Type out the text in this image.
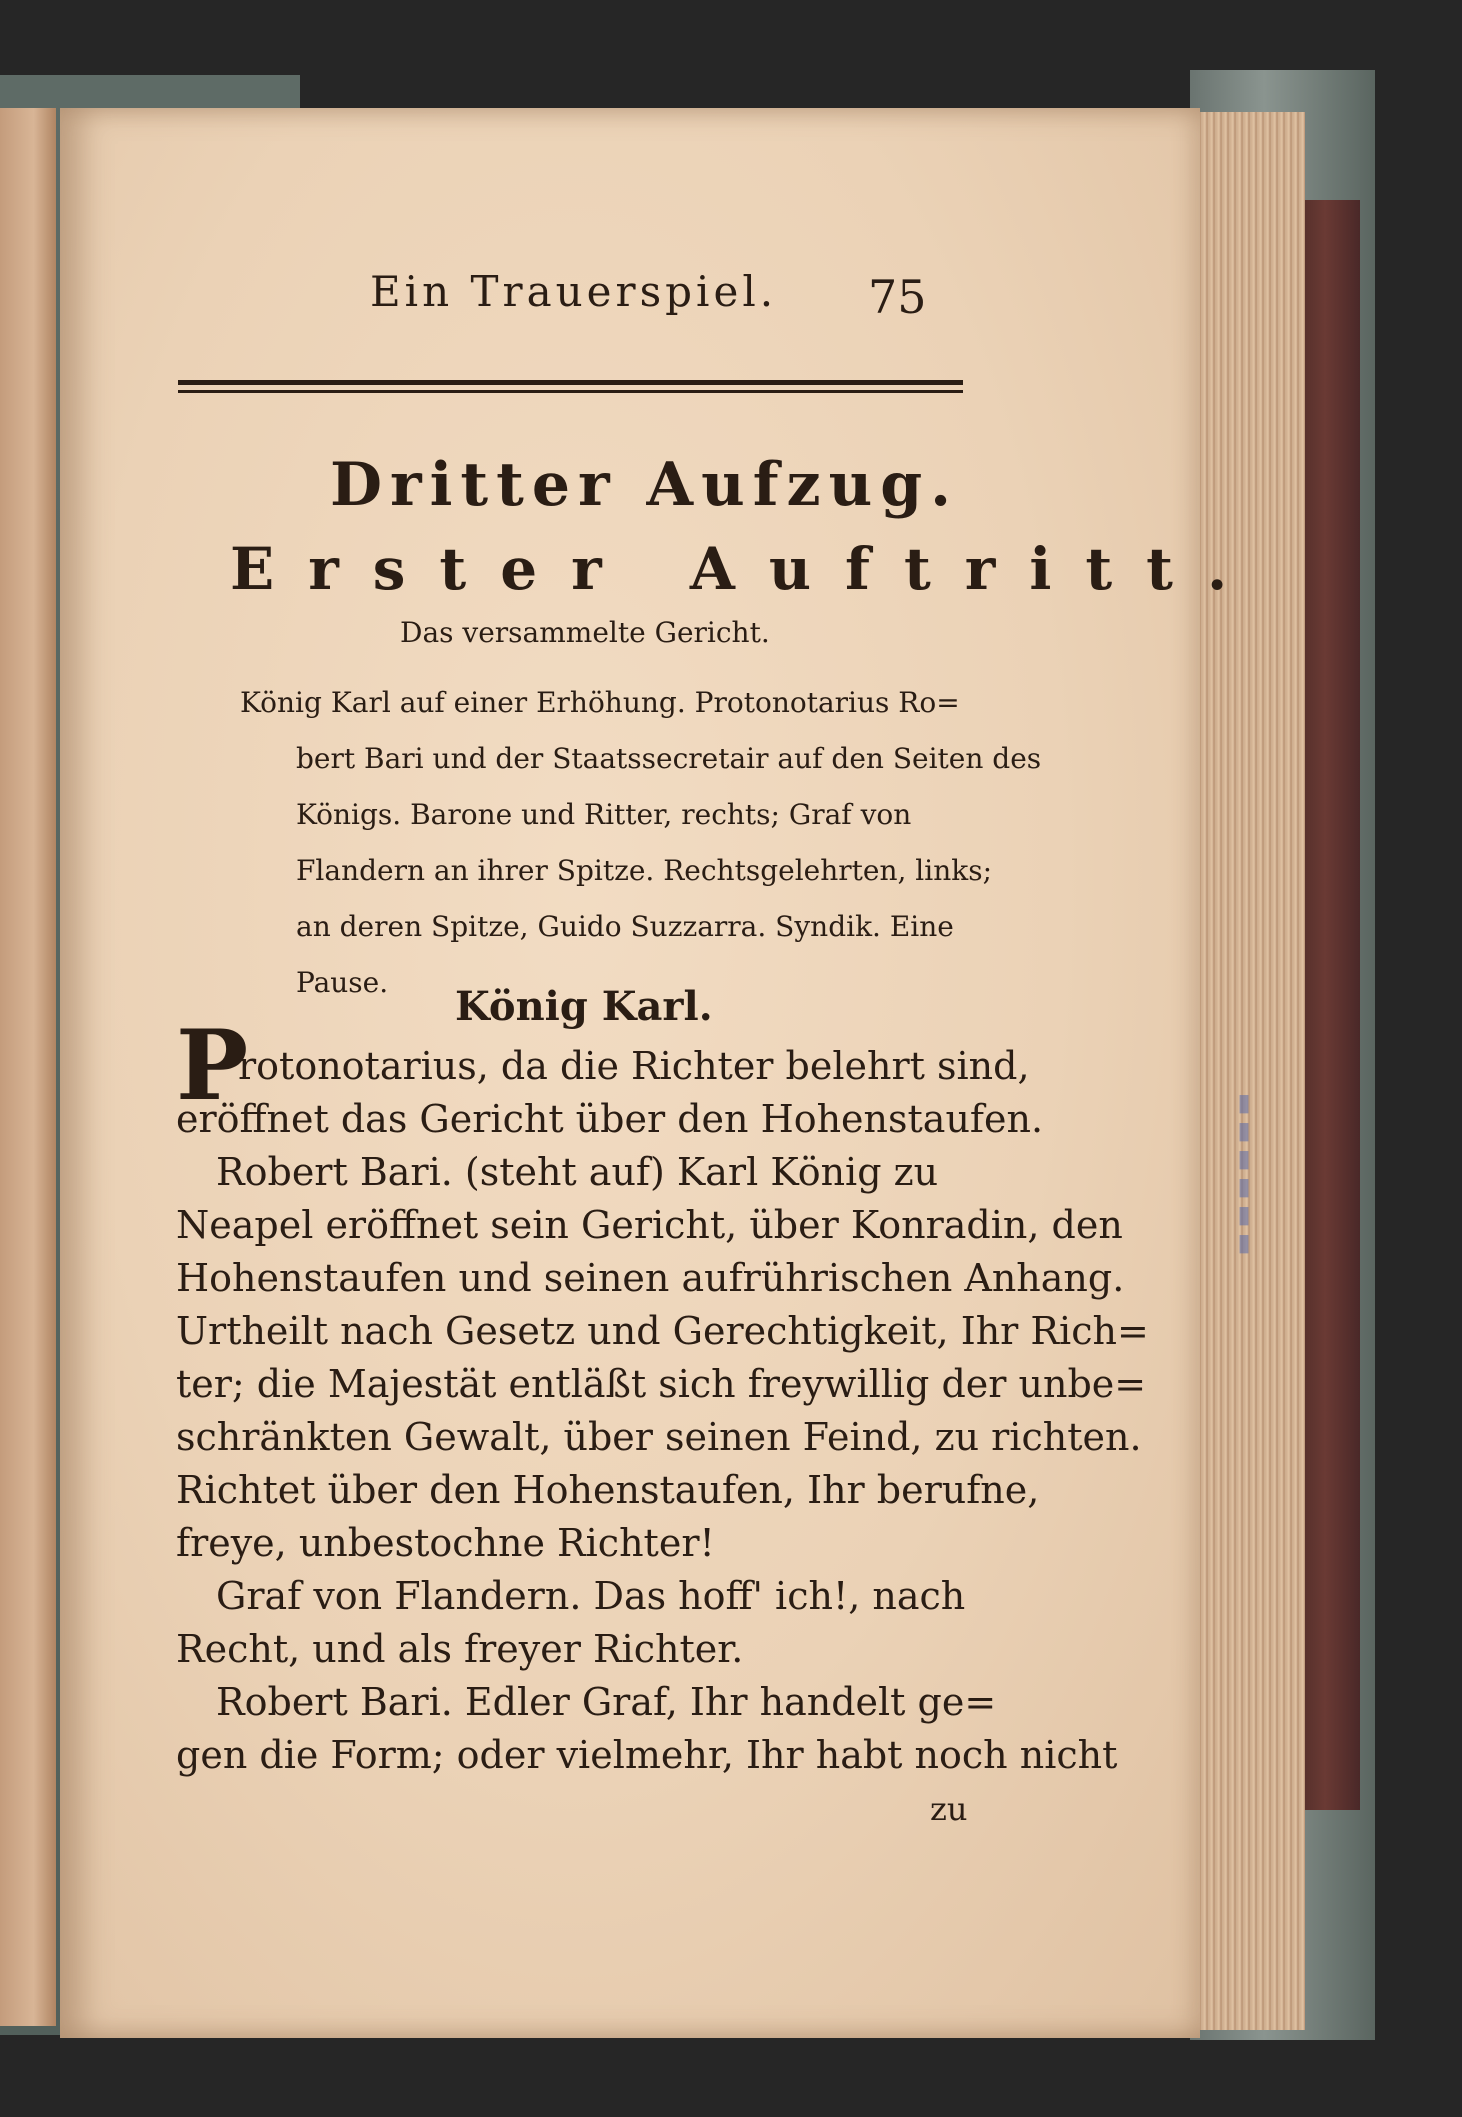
Ein Trauerspiel. 75
Dritter Aufzug.
Erster Auftritt.
Das versammelte Gericht.
König Karl auf einer Erhöhung. Protonotarius Ro=
bert Bari und der Staatssecretair auf den Seiten des
Königs. Barone und Ritter, rechts; Graf von
Flandern an ihrer Spitze. Rechtsgelehrten, links;
an deren Spitze, Guido Suzzarra. Syndik. Eine
Pause.
König Karl.
P
rotonotarius, da die Richter belehrt sind,
eröffnet das Gericht über den Hohenstaufen.
Robert Bari. (steht auf) Karl König zu
Neapel eröffnet sein Gericht, über Konradin, den
Hohenstaufen und seinen aufrührischen Anhang.
Urtheilt nach Gesetz und Gerechtigkeit, Ihr Rich=
ter; die Majestät entläßt sich freywillig der unbe=
schränkten Gewalt, über seinen Feind, zu richten.
Richtet über den Hohenstaufen, Ihr berufne,
freye, unbestochne Richter!
Graf von Flandern. Das hoff' ich!, nach
Recht, und als freyer Richter.
Robert Bari. Edler Graf, Ihr handelt ge=
gen die Form; oder vielmehr, Ihr habt noch nicht
zu
▮▮▮▮▮▮
